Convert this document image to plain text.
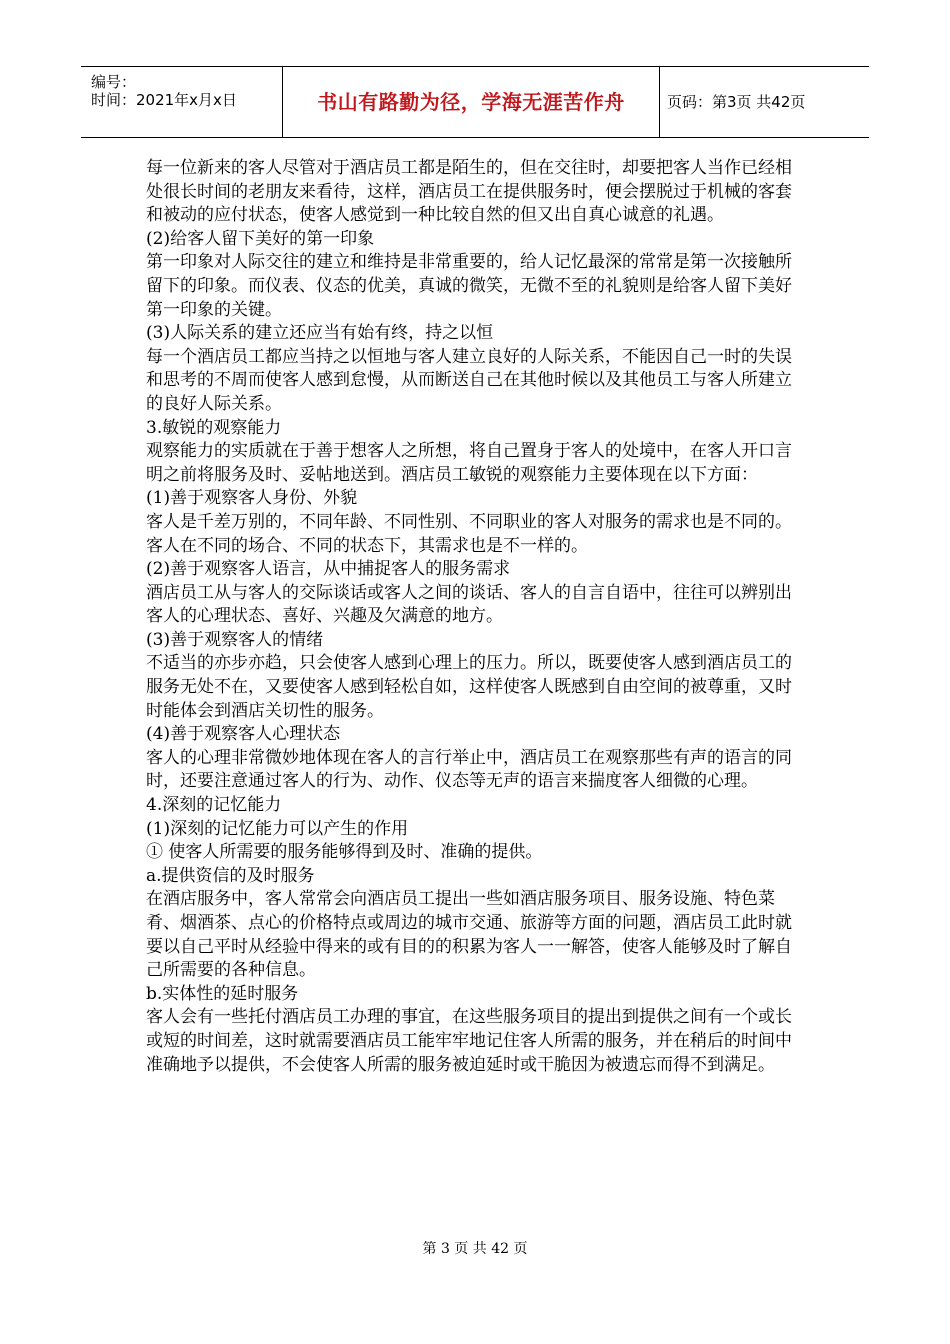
编号：
时间：2021年x月x日	书山有路勤为径，学海无涯苦作舟	页码：第3页 共42页

每一位新来的客人尽管对于酒店员工都是陌生的，但在交往时，却要把客人当作已经相处很长时间的老朋友来看待，这样，酒店员工在提供服务时，便会摆脱过于机械的客套和被动的应付状态，使客人感觉到一种比较自然的但又出自真心诚意的礼遇。

(2)给客人留下美好的第一印象

第一印象对人际交往的建立和维持是非常重要的，给人记忆最深的常常是第一次接触所留下的印象。而仪表、仪态的优美，真诚的微笑，无微不至的礼貌则是给客人留下美好第一印象的关键。

(3)人际关系的建立还应当有始有终，持之以恒

每一个酒店员工都应当持之以恒地与客人建立良好的人际关系，不能因自己一时的失误和思考的不周而使客人感到怠慢，从而断送自己在其他时候以及其他员工与客人所建立的良好人际关系。

3.敏锐的观察能力

观察能力的实质就在于善于想客人之所想，将自己置身于客人的处境中，在客人开口言明之前将服务及时、妥帖地送到。酒店员工敏锐的观察能力主要体现在以下方面：

(1)善于观察客人身份、外貌

客人是千差万别的，不同年龄、不同性别、不同职业的客人对服务的需求也是不同的。客人在不同的场合、不同的状态下，其需求也是不一样的。

(2)善于观察客人语言，从中捕捉客人的服务需求

酒店员工从与客人的交际谈话或客人之间的谈话、客人的自言自语中，往往可以辨别出客人的心理状态、喜好、兴趣及欠满意的地方。

(3)善于观察客人的情绪

不适当的亦步亦趋，只会使客人感到心理上的压力。所以，既要使客人感到酒店员工的服务无处不在，又要使客人感到轻松自如，这样使客人既感到自由空间的被尊重，又时时能体会到酒店关切性的服务。

(4)善于观察客人心理状态

客人的心理非常微妙地体现在客人的言行举止中，酒店员工在观察那些有声的语言的同时，还要注意通过客人的行为、动作、仪态等无声的语言来揣度客人细微的心理。

4.深刻的记忆能力

(1)深刻的记忆能力可以产生的作用

① 使客人所需要的服务能够得到及时、准确的提供。

a.提供资信的及时服务

在酒店服务中，客人常常会向酒店员工提出一些如酒店服务项目、服务设施、特色菜肴、烟酒茶、点心的价格特点或周边的城市交通、旅游等方面的问题，酒店员工此时就要以自己平时从经验中得来的或有目的的积累为客人一一解答，使客人能够及时了解自己所需要的各种信息。

b.实体性的延时服务

客人会有一些托付酒店员工办理的事宜，在这些服务项目的提出到提供之间有一个或长或短的时间差，这时就需要酒店员工能牢牢地记住客人所需的服务，并在稍后的时间中准确地予以提供，不会使客人所需的服务被迫延时或干脆因为被遗忘而得不到满足。

第 3 页 共 42 页
